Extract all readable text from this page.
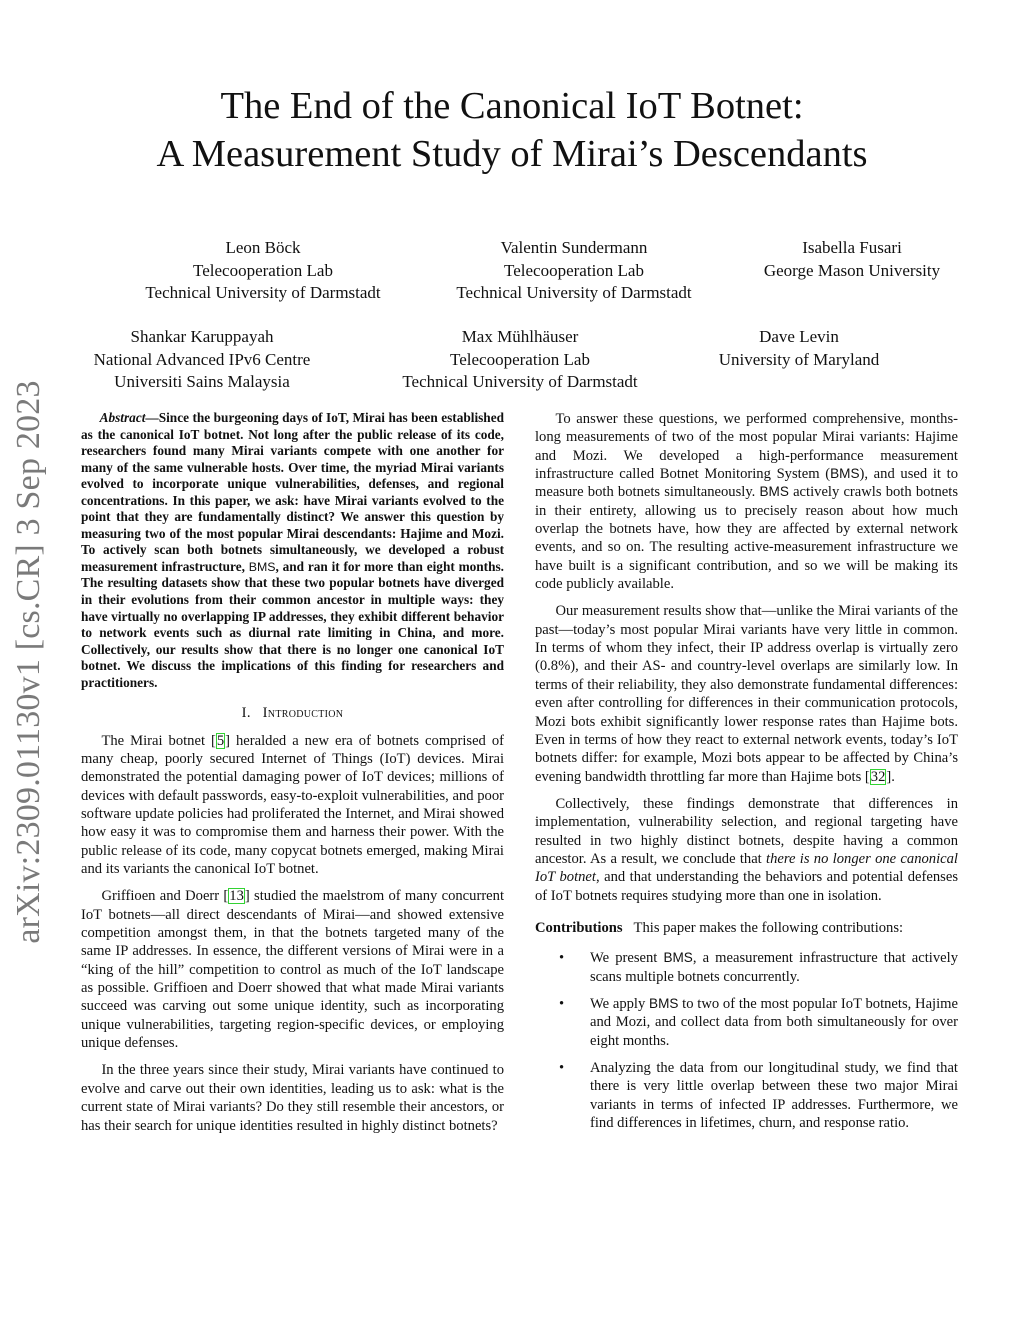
arXiv:2309.01130v1 [cs.CR] 3 Sep 2023
The End of the Canonical IoT Botnet:
A Measurement Study of Mirai’s Descendants
Leon Böck
Telecooperation Lab
Technical University of Darmstadt
Valentin Sundermann
Telecooperation Lab
Technical University of Darmstadt
Isabella Fusari
George Mason University
Shankar Karuppayah
National Advanced IPv6 Centre
Universiti Sains Malaysia
Max Mühlhäuser
Telecooperation Lab
Technical University of Darmstadt
Dave Levin
University of Maryland

Abstract—Since the burgeoning days of IoT, Mirai has been established as the canonical IoT botnet. Not long after the public release of its code, researchers found many Mirai variants compete with one another for many of the same vulnerable hosts. Over time, the myriad Mirai variants evolved to incorporate unique vulnerabilities, defenses, and regional concentrations. In this paper, we ask: have Mirai variants evolved to the point that they are fundamentally distinct? We answer this question by measuring two of the most popular Mirai descendants: Hajime and Mozi. To actively scan both botnets simultaneously, we developed a robust measurement infrastructure, BMS, and ran it for more than eight months. The resulting datasets show that these two popular botnets have diverged in their evolutions from their common ancestor in multiple ways: they have virtually no overlapping IP addresses, they exhibit different behavior to network events such as diurnal rate limiting in China, and more. Collectively, our results show that there is no longer one canonical IoT botnet. We discuss the implications of this finding for researchers and practitioners.

I. Introduction

The Mirai botnet [5] heralded a new era of botnets comprised of many cheap, poorly secured Internet of Things (IoT) devices. Mirai demonstrated the potential damaging power of IoT devices; millions of devices with default passwords, easy-to-exploit vulnerabilities, and poor software update policies had proliferated the Internet, and Mirai showed how easy it was to compromise them and harness their power. With the public release of its code, many copycat botnets emerged, making Mirai and its variants the canonical IoT botnet.

Griffioen and Doerr [13] studied the maelstrom of many concurrent IoT botnets—all direct descendants of Mirai—and showed extensive competition amongst them, in that the botnets targeted many of the same IP addresses. In essence, the different versions of Mirai were in a “king of the hill” competition to control as much of the IoT landscape as possible. Griffioen and Doerr showed that what made Mirai variants succeed was carving out some unique identity, such as incorporating unique vulnerabilities, targeting region-specific devices, or employing unique defenses.

In the three years since their study, Mirai variants have continued to evolve and carve out their own identities, leading us to ask: what is the current state of Mirai variants? Do they still resemble their ancestors, or has their search for unique identities resulted in highly distinct botnets?

To answer these questions, we performed comprehensive, months-long measurements of two of the most popular Mirai variants: Hajime and Mozi. We developed a high-performance measurement infrastructure called Botnet Monitoring System (BMS), and used it to measure both botnets simultaneously. BMS actively crawls both botnets in their entirety, allowing us to precisely reason about how much overlap the botnets have, how they are affected by external network events, and so on. The resulting active-measurement infrastructure we have built is a significant contribution, and so we will be making its code publicly available.

Our measurement results show that—unlike the Mirai variants of the past—today’s most popular Mirai variants have very little in common. In terms of whom they infect, their IP address overlap is virtually zero (0.8%), and their AS- and country-level overlaps are similarly low. In terms of their reliability, they also demonstrate fundamental differences: even after controlling for differences in their communication protocols, Mozi bots exhibit significantly lower response rates than Hajime bots. Even in terms of how they react to external network events, today’s IoT botnets differ: for example, Mozi bots appear to be affected by China’s evening bandwidth throttling far more than Hajime bots [32].

Collectively, these findings demonstrate that differences in implementation, vulnerability selection, and regional targeting have resulted in two highly distinct botnets, despite having a common ancestor. As a result, we conclude that there is no longer one canonical IoT botnet, and that understanding the behaviors and potential defenses of IoT botnets requires studying more than one in isolation.

Contributions This paper makes the following contributions:

• We present BMS, a measurement infrastructure that actively scans multiple botnets concurrently.
• We apply BMS to two of the most popular IoT botnets, Hajime and Mozi, and collect data from both simultaneously for over eight months.
• Analyzing the data from our longitudinal study, we find that there is very little overlap between these two major Mirai variants in terms of infected IP addresses. Furthermore, we find differences in lifetimes, churn, and response ratio.
